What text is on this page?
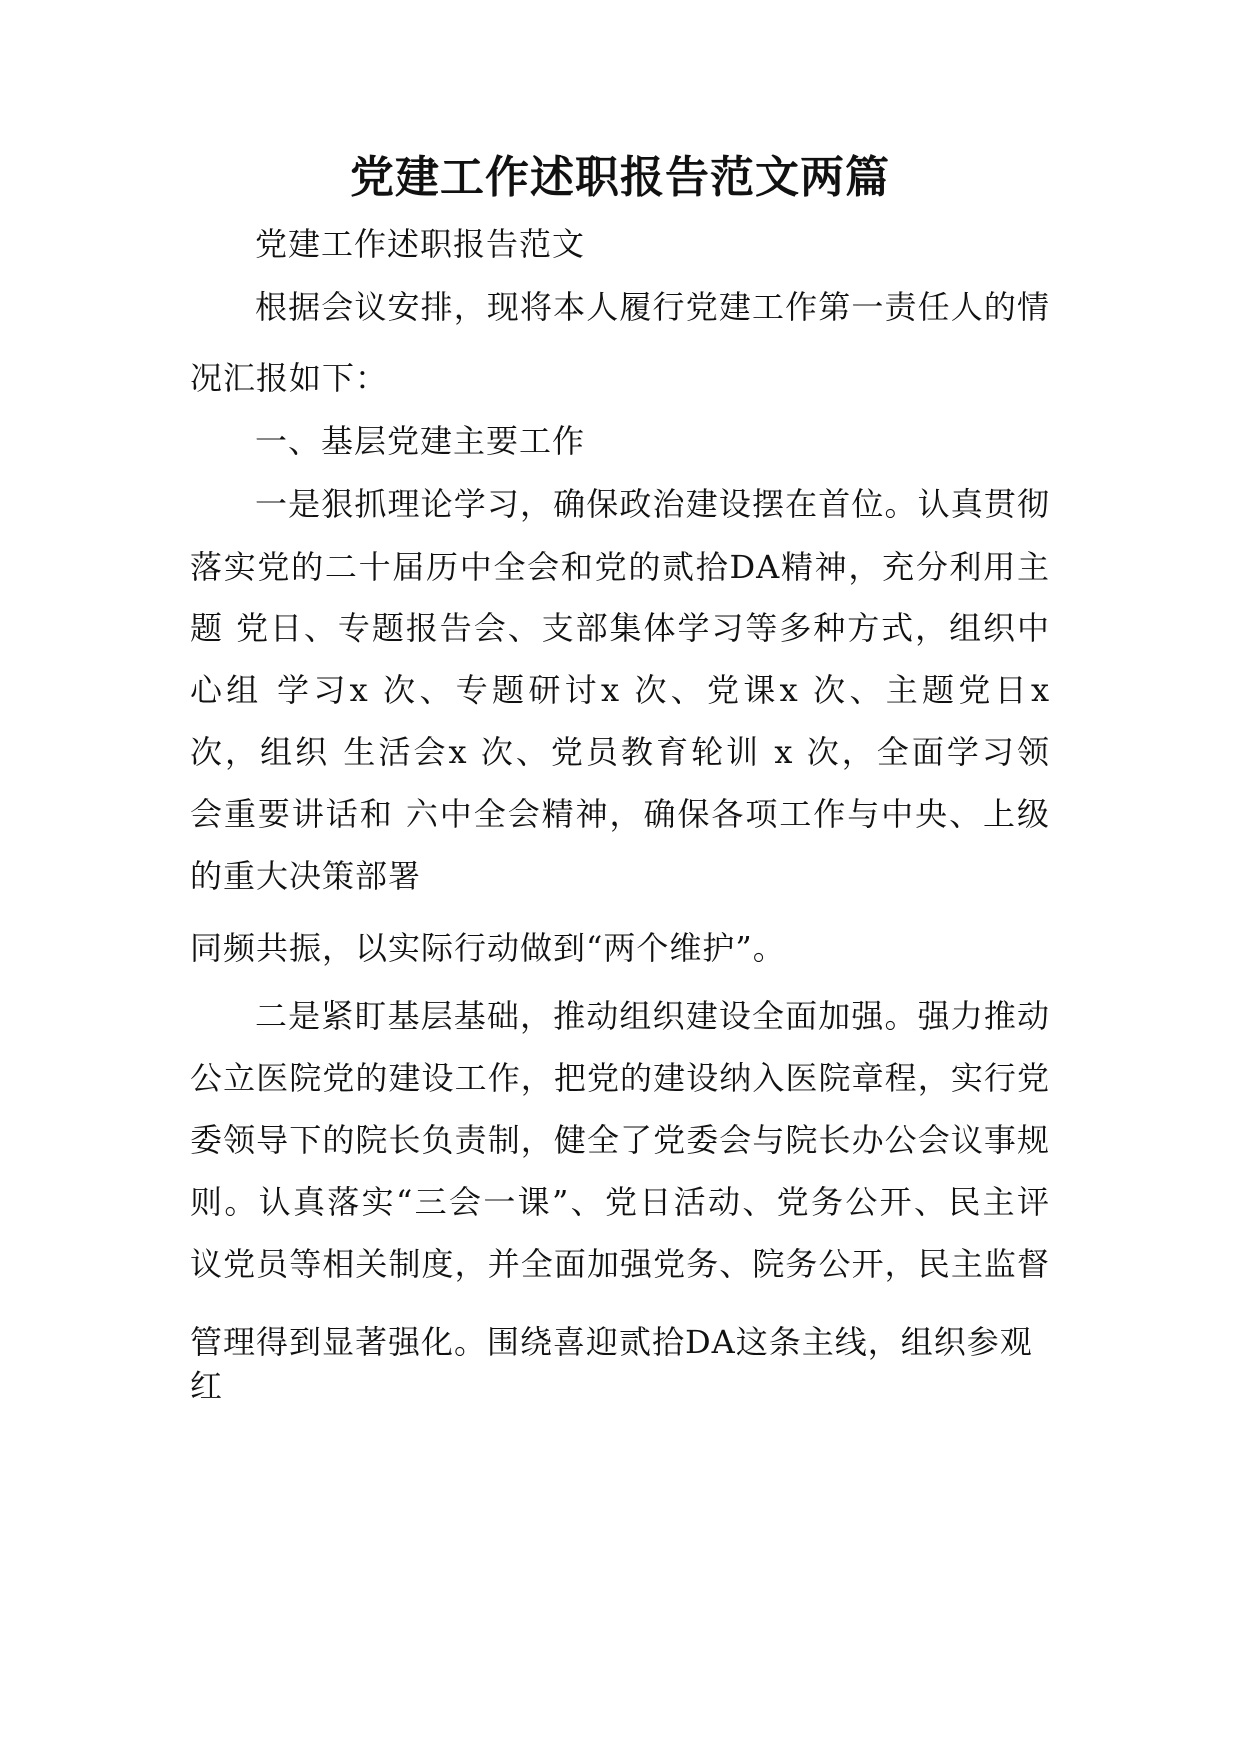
党建工作述职报告范文两篇

党建工作述职报告范文

根据会议安排，现将本人履行党建工作第一责任人的情

况汇报如下：

一、基层党建主要工作

一是狠抓理论学习，确保政治建设摆在首位。认真贯彻

落实党的二十届历中全会和党的贰拾DA精神，充分利用主

题 党日、专题报告会、支部集体学习等多种方式，组织中

心组 学习x 次、专题研讨x 次、党课x 次、主题党日x

次，组织 生活会x 次、党员教育轮训 x 次，全面学习领

会重要讲话和 六中全会精神，确保各项工作与中央、上级

的重大决策部署

同频共振，以实际行动做到“两个维护”。

二是紧盯基层基础，推动组织建设全面加强。强力推动

公立医院党的建设工作，把党的建设纳入医院章程，实行党

委领导下的院长负责制，健全了党委会与院长办公会议事规

则。认真落实“三会一课”、党日活动、党务公开、民主评

议党员等相关制度，并全面加强党务、院务公开，民主监督

管理得到显著强化。围绕喜迎贰拾DA这条主线，组织参观

红
